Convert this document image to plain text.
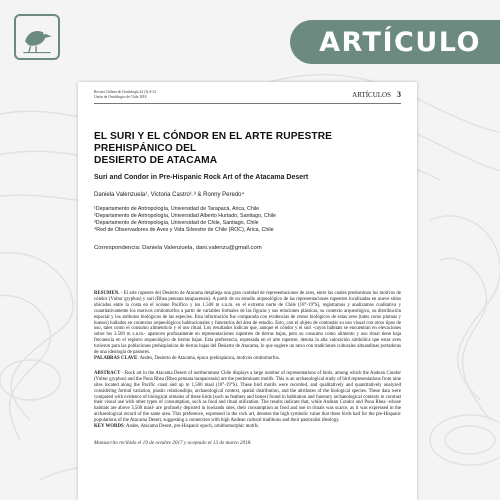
ARTÍCULO
Revista Chilena de Ornitología 24 (1):4-14
Unión de Ornitólogos de Chile 2018	ARTÍCULOS 3
EL SURI Y EL CÓNDOR EN EL ARTE RUPESTRE PREHISPÁNICO DEL
DESIERTO DE ATACAMA
Suri and Condor in Pre-Hispanic Rock Art of the Atacama Desert
Daniela Valenzuela¹, Victoria Castro¹˒³ & Ronny Peredo⁴
¹Departamento de Antropología, Universidad de Tarapacá, Arica, Chile
²Departamento de Antropología, Universidad Alberto Hurtado, Santiago, Chile
³Departamento de Antropología, Universidad de Chile, Santiago, Chile
⁴Red de Observadores de Aves y Vida Silvestre de Chile (ROC), Arica, Chile
Correspondencia: Daniela Valenzuela, dani.valenzu@gmail.com
RESUMEN. - El arte rupestre del Desierto de Atacama despliega una gran cantidad de representaciones de aves, entre las cuales predominan los motivos de cóndor (Vultur gryphus) y suri (Rhea pennata tarapacensis). A partir de un estudio arqueológico de las representaciones rupestres localizadas en nueve sitios ubicados entre la costa en el océano Pacífico y los 1.500 m s.n.m. en el extremo norte de Chile (18°-19°S), registramos y analizamos cualitativa y cuantitativamente los motivos ornitomorfos a partir de variables formales de las figuras y sus relaciones plásticas, su contexto arqueológico, su distribución espacial y los atributos biológicos de las especies. Esta información fue comparada con evidencias de restos biológicos de estas aves (tales como plumas y huesos) hallados en contextos arqueológicos habitacionales y funerarios del área de estudio. Esto, con el objeto de contrastar su uso visual con otros tipos de uso, tales como el consumo alimenticio y el uso ritual. Los resultados indican que, aunque el cóndor y el suri -cuyos hábitats se encuentran en elevaciones sobre los 3.500 m s.n.m.- aparecen profusamente en representaciones rupestres de tierras bajas, pero su consumo como alimento y uso ritual tiene baja frecuencia en el registro arqueológico de tierras bajas. Esta preferencia, expresada en el arte rupestre, denota la alta valoración simbólica que estas aves tuvieron para las poblaciones prehispánicas de tierras bajas del Desierto de Atacama, lo que sugiere un nexo con tradiciones culturales altoandinas portadoras de una ideología de pastores.
PALABRAS CLAVE: Andes, Desierto de Atacama, época prehispánica, motivos ornitomorfos.
ABSTRACT - Rock art in the Atacama Desert of northernmost Chile displays a large number of representations of birds, among which the Andean Condor (Vultur gryphus) and the Puna Rhea (Rhea pennata tarapacensis) are the predominant motifs. This is an archaeological study of bird representations from nine sites located along the Pacific coast and up to 1,500 masl (18°-19°S). These bird motifs were recorded, and qualitatively and quantitatively analyzed considering formal variation, plastic relationships, archaeological context, spatial distribution, and the attributes of the biological species. These data were compared with evidence of biological remains of these birds (such as feathers and bones) found in habitation and funerary archaeological contexts to contrast their visual use with other types of consumption, such as food and ritual utilization. The results indicate that, while Andean Condor and Puna Rhea -whose habitats are above 3,500 masl- are profusely depicted in lowlands sites, their consumption as food and use in rituals was scarce, as it was expressed in the archaeological record of the same area. This preference, expressed in the rock art, denotes the high symbolic value that these birds had for the pre-Hispanic populations of the Atacama Desert, suggesting a connection with high Andean cultural traditions and their pastoralist ideology.
KEY WORDS: Andes, Atacama Desert, pre-Hispanic epoch, ornithomorphic motifs.
Manuscrito recibido el 19 de octubre 2017 y aceptado el 13 de marzo 2018.
